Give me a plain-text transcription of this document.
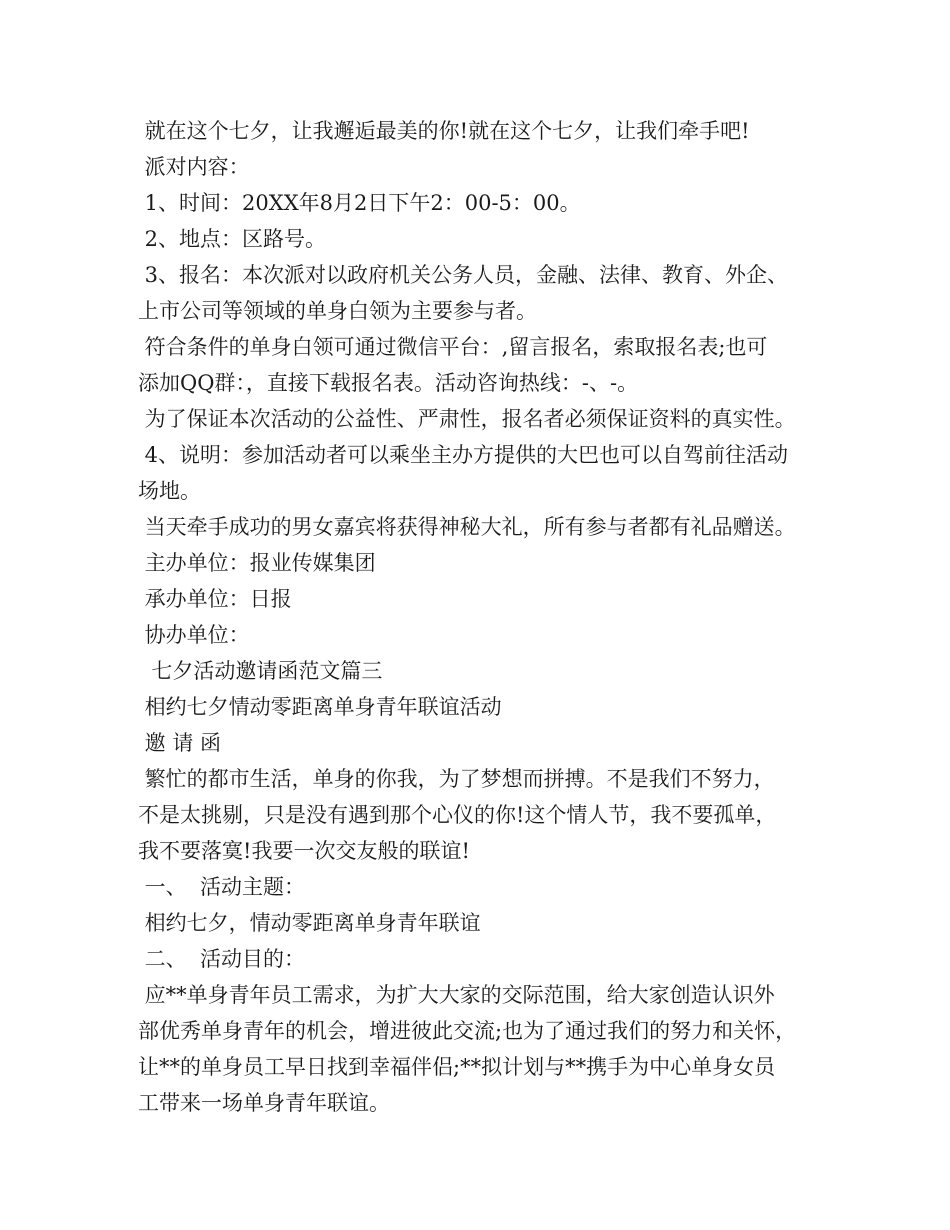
就在这个七夕，让我邂逅最美的你!就在这个七夕，让我们牵手吧!
派对内容：
1、时间：20XX年8月2日下午2：00-5：00。
2、地点：区路号。
3、报名：本次派对以政府机关公务人员，金融、法律、教育、外企、
上市公司等领域的单身白领为主要参与者。
符合条件的单身白领可通过微信平台：,留言报名，索取报名表;也可
添加QQ群：，直接下载报名表。活动咨询热线：-、-。
为了保证本次活动的公益性、严肃性，报名者必须保证资料的真实性。
4、说明：参加活动者可以乘坐主办方提供的大巴也可以自驾前往活动
场地。
当天牵手成功的男女嘉宾将获得神秘大礼，所有参与者都有礼品赠送。
主办单位：报业传媒集团
承办单位：日报
协办单位：
七夕活动邀请函范文篇三
相约七夕情动零距离单身青年联谊活动
邀 请 函
繁忙的都市生活，单身的你我，为了梦想而拼搏。不是我们不努力，
不是太挑剔，只是没有遇到那个心仪的你!这个情人节，我不要孤单，
我不要落寞!我要一次交友般的联谊!
一、  活动主题：
相约七夕，情动零距离单身青年联谊
二、  活动目的：
应**单身青年员工需求，为扩大大家的交际范围，给大家创造认识外
部优秀单身青年的机会，增进彼此交流;也为了通过我们的努力和关怀，
让**的单身员工早日找到幸福伴侣;**拟计划与**携手为中心单身女员
工带来一场单身青年联谊。
